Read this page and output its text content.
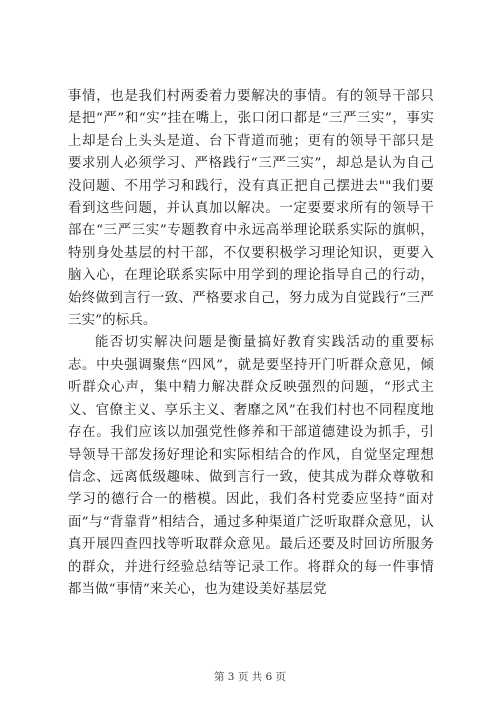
事情，也是我们村两委着力要解决的事情。有的领导干部只是把“严”和“实”挂在嘴上，张口闭口都是“三严三实”，事实上却是台上头头是道、台下背道而驰；更有的领导干部只是要求别人必须学习、严格践行“三严三实”，却总是认为自己没问题、不用学习和践行，没有真正把自己摆进去""我们要看到这些问题，并认真加以解决。一定要要求所有的领导干部在“三严三实”专题教育中永远高举理论联系实际的旗帜，特别身处基层的村干部，不仅要积极学习理论知识，更要入脑入心，在理论联系实际中用学到的理论指导自己的行动，始终做到言行一致、严格要求自己，努力成为自觉践行“三严三实”的标兵。

能否切实解决问题是衡量搞好教育实践活动的重要标志。中央强调聚焦“四风”，就是要坚持开门听群众意见，倾听群众心声，集中精力解决群众反映强烈的问题，“形式主义、官僚主义、享乐主义、奢靡之风”在我们村也不同程度地存在。我们应该以加强党性修养和干部道德建设为抓手，引导领导干部发扬好理论和实际相结合的作风，自觉坚定理想信念、远离低级趣味、做到言行一致，使其成为群众尊敬和学习的德行合一的楷模。因此，我们各村党委应坚持“面对面”与“背靠背”相结合，通过多种渠道广泛听取群众意见，认真开展四查四找等听取群众意见。最后还要及时回访所服务的群众，并进行经验总结等记录工作。将群众的每一件事情都当做“事情”来关心，也为建设美好基层党

第 3 页 共 6 页
